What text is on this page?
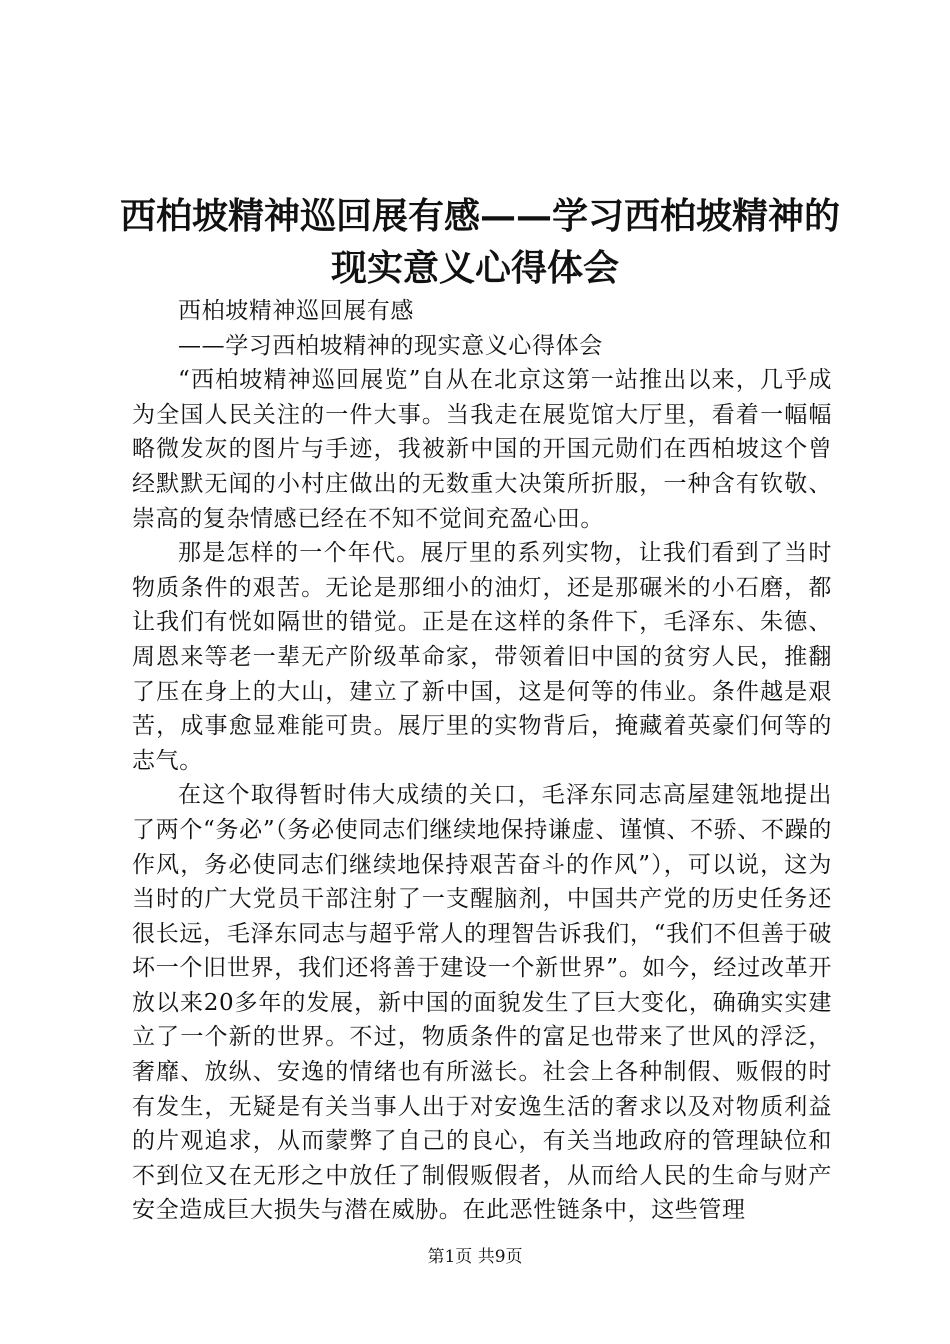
西柏坡精神巡回展有感——学习西柏坡精神的
现实意义心得体会

西柏坡精神巡回展有感

——学习西柏坡精神的现实意义心得体会

“西柏坡精神巡回展览”自从在北京这第一站推出以来，几乎成为全国人民关注的一件大事。当我走在展览馆大厅里，看着一幅幅略微发灰的图片与手迹，我被新中国的开国元勋们在西柏坡这个曾经默默无闻的小村庄做出的无数重大决策所折服，一种含有钦敬、崇高的复杂情感已经在不知不觉间充盈心田。

那是怎样的一个年代。展厅里的系列实物，让我们看到了当时物质条件的艰苦。无论是那细小的油灯，还是那碾米的小石磨，都让我们有恍如隔世的错觉。正是在这样的条件下，毛泽东、朱德、周恩来等老一辈无产阶级革命家，带领着旧中国的贫穷人民，推翻了压在身上的大山，建立了新中国，这是何等的伟业。条件越是艰苦，成事愈显难能可贵。展厅里的实物背后，掩藏着英豪们何等的志气。

在这个取得暂时伟大成绩的关口，毛泽东同志高屋建瓴地提出了两个“务必”（务必使同志们继续地保持谦虚、谨慎、不骄、不躁的作风，务必使同志们继续地保持艰苦奋斗的作风”），可以说，这为当时的广大党员干部注射了一支醒脑剂，中国共产党的历史任务还很长远，毛泽东同志与超乎常人的理智告诉我们，“我们不但善于破坏一个旧世界，我们还将善于建设一个新世界”。如今，经过改革开放以来20多年的发展，新中国的面貌发生了巨大变化，确确实实建立了一个新的世界。不过，物质条件的富足也带来了世风的浮泛，奢靡、放纵、安逸的情绪也有所滋长。社会上各种制假、贩假的时有发生，无疑是有关当事人出于对安逸生活的奢求以及对物质利益的片观追求，从而蒙弊了自己的良心，有关当地政府的管理缺位和不到位又在无形之中放任了制假贩假者，从而给人民的生命与财产安全造成巨大损失与潜在威胁。在此恶性链条中，这些管理

第1页 共9页
